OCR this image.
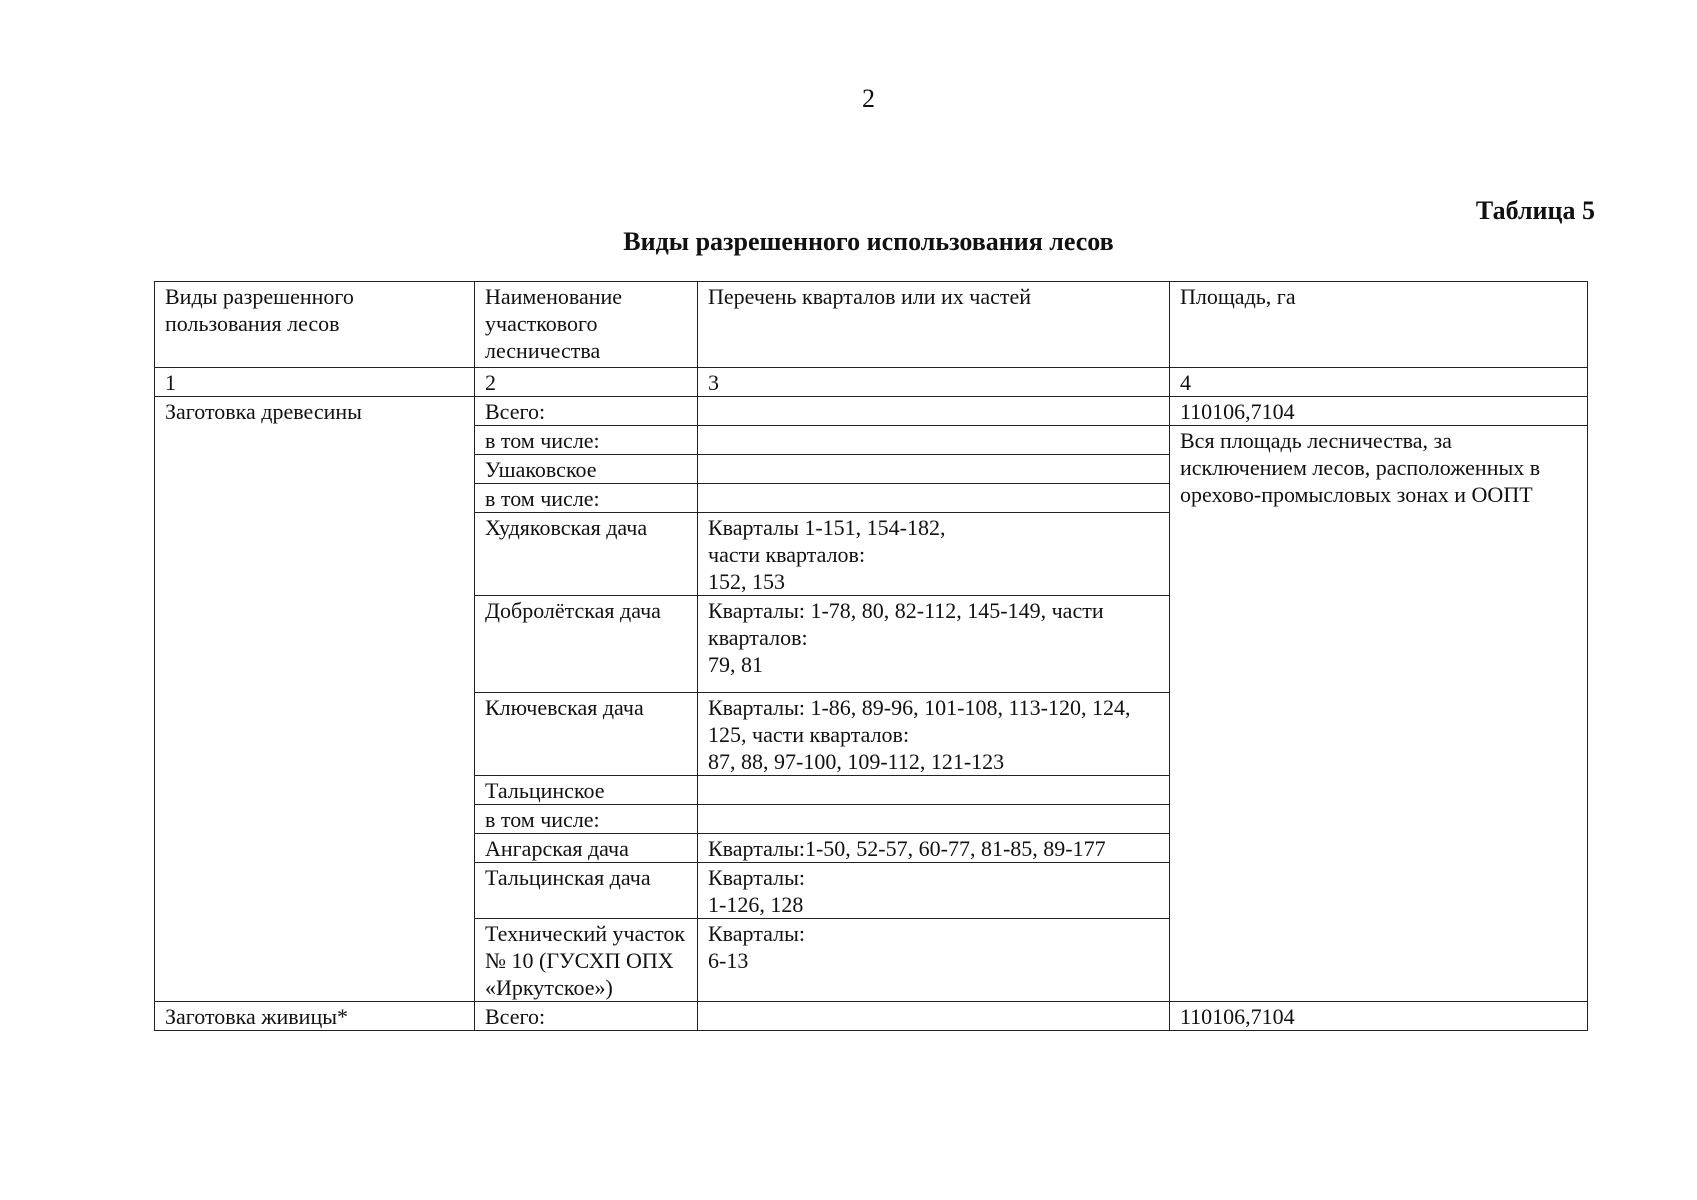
2
Таблица 5
Виды разрешенного использования лесов
Виды разрешенного пользования лесов	Наименование участкового лесничества	Перечень кварталов или их частей	Площадь, га
1	2	3	4
Заготовка древесины	Всего:		110106,7104
	в том числе:		Вся площадь лесничества, за исключением лесов, расположенных в орехово-промысловых зонах и ООПТ
	Ушаковское		
	в том числе:		
	Худяковская дача	Кварталы 1-151, 154-182,
части кварталов:
152, 153	
	Добролётская дача	Кварталы: 1-78, 80, 82-112, 145-149, части кварталов:
79, 81	
	Ключевская дача	Кварталы: 1-86, 89-96, 101-108, 113-120, 124, 125, части кварталов:
87, 88, 97-100, 109-112, 121-123	
	Тальцинское		
	в том числе:		
	Ангарская дача	Кварталы:1-50, 52-57, 60-77, 81-85, 89-177	
	Тальцинская дача	Кварталы:
1-126, 128	
	Технический участок № 10 (ГУСХП ОПХ «Иркутское»)	Кварталы:
6-13	
Заготовка живицы*	Всего:		110106,7104
